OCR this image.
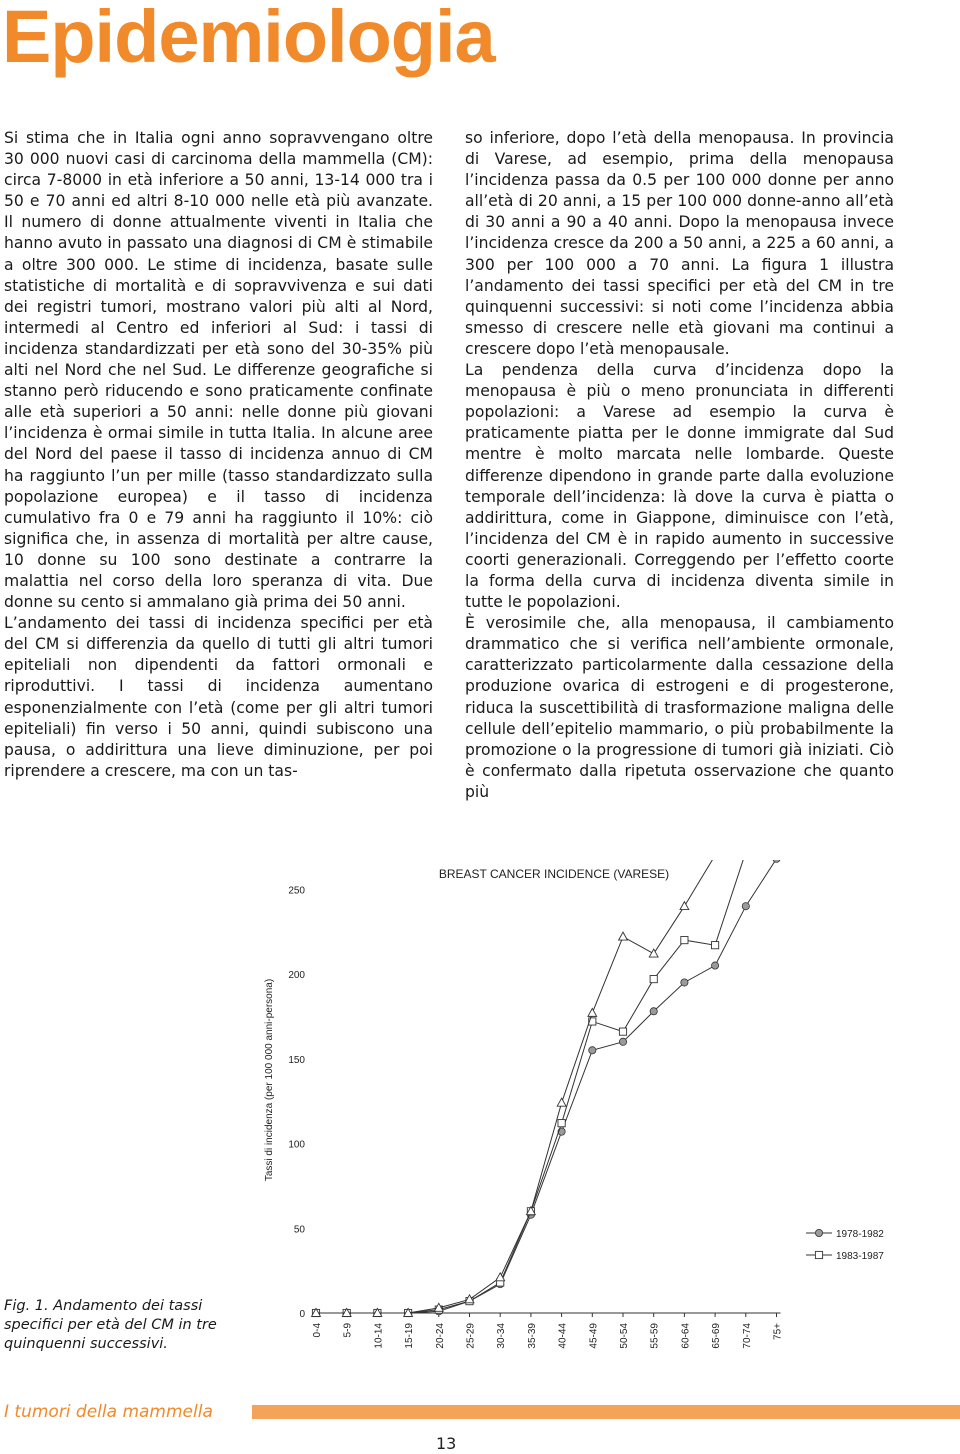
Epidemiologia

Si stima che in Italia ogni anno sopravvengano oltre 30 000 nuovi casi di carcinoma della mammella (CM): circa 7-8000 in età inferiore a 50 anni, 13-14 000 tra i 50 e 70 anni ed altri 8-10 000 nelle età più avanzate. Il numero di donne attualmente viventi in Italia che hanno avuto in passato una diagnosi di CM è stimabile a oltre 300 000. Le stime di incidenza, basate sulle statistiche di mortalità e di sopravvivenza e sui dati dei registri tumori, mostrano valori più alti al Nord, intermedi al Centro ed inferiori al Sud: i tassi di incidenza standardizzati per età sono del 30-35% più alti nel Nord che nel Sud. Le differenze geografiche si stanno però riducendo e sono praticamente confinate alle età superiori a 50 anni: nelle donne più giovani l’incidenza è ormai simile in tutta Italia. In alcune aree del Nord del paese il tasso di incidenza annuo di CM ha raggiunto l’un per mille (tasso standardizzato sulla popolazione europea) e il tasso di incidenza cumulativo fra 0 e 79 anni ha raggiunto il 10%: ciò significa che, in assenza di mortalità per altre cause, 10 donne su 100 sono destinate a contrarre la malattia nel corso della loro speranza di vita. Due donne su cento si ammalano già prima dei 50 anni.

L’andamento dei tassi di incidenza specifici per età del CM si differenzia da quello di tutti gli altri tumori epiteliali non dipendenti da fattori ormonali e riproduttivi. I tassi di incidenza aumentano esponenzialmente con l’età (come per gli altri tumori epiteliali) fin verso i 50 anni, quindi subiscono una pausa, o addirittura una lieve diminuzione, per poi riprendere a crescere, ma con un tas-

so inferiore, dopo l’età della menopausa. In provincia di Varese, ad esempio, prima della menopausa l’incidenza passa da 0.5 per 100 000 donne per anno all’età di 20 anni, a 15 per 100 000 donne-anno all’età di 30 anni a 90 a 40 anni. Dopo la menopausa invece l’incidenza cresce da 200 a 50 anni, a 225 a 60 anni, a 300 per 100 000 a 70 anni. La figura 1 illustra l’andamento dei tassi specifici per età del CM in tre quinquenni successivi: si noti come l’incidenza abbia smesso di crescere nelle età giovani ma continui a crescere dopo l’età menopausale.

La pendenza della curva d’incidenza dopo la menopausa è più o meno pronunciata in differenti popolazioni: a Varese ad esempio la curva è praticamente piatta per le donne immigrate dal Sud mentre è molto marcata nelle lombarde. Queste differenze dipendono in grande parte dalla evoluzione temporale dell’incidenza: là dove la curva è piatta o addirittura, come in Giappone, diminuisce con l’età, l’incidenza del CM è in rapido aumento in successive coorti generazionali. Correggendo per l’effetto coorte la forma della curva di incidenza diventa simile in tutte le popolazioni.

È verosimile che, alla menopausa, il cambiamento drammatico che si verifica nell’ambiente ormonale, caratterizzato particolarmente dalla cessazione della produzione ovarica di estrogeni e di progesterone, riduca la suscettibilità di trasformazione maligna delle cellule dell’epitelio mammario, o più probabilmente la promozione o la progressione di tumori già iniziati. Ciò è confermato dalla ripetuta osservazione che quanto più

BREAST CANCER INCIDENCE (VARESE)
50
100
150
200
250
Tassi di incidenza (per 100 000 anni-persona)
1978-1982
1983-1987
Fig. 1. Andamento dei tassi specifici per età del CM in tre quinquenni successivi.
I tumori della mammella
13
0
0-4 5-9 10-14 15-19 20-24 25-29 30-34 35-39 40-44 45-49 50-54 55-59 60-64 65-69 70-74 75+
